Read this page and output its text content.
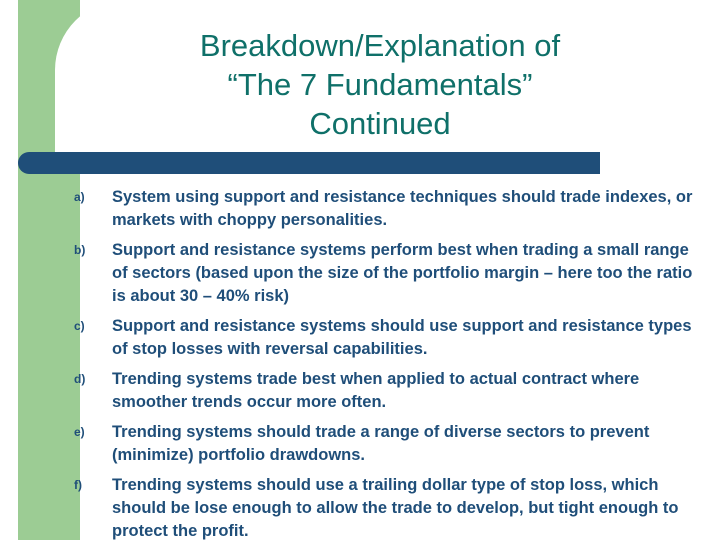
Breakdown/Explanation of
“The 7 Fundamentals”
Continued
a)	System using support and resistance techniques should trade indexes, or markets with choppy personalities.
b)	Support and resistance systems perform best when trading a small range of sectors (based upon the size of the portfolio margin – here too the ratio is about 30 – 40% risk)
c)	Support and resistance systems should use support and resistance types of stop losses with reversal capabilities.
d)	Trending systems trade best when applied to actual contract where smoother trends occur more often.
e)	Trending systems should trade a range of diverse sectors to prevent (minimize) portfolio drawdowns.
f)	Trending systems should use a trailing dollar type of stop loss, which should be lose enough to allow the trade to develop, but tight enough to protect the profit.
